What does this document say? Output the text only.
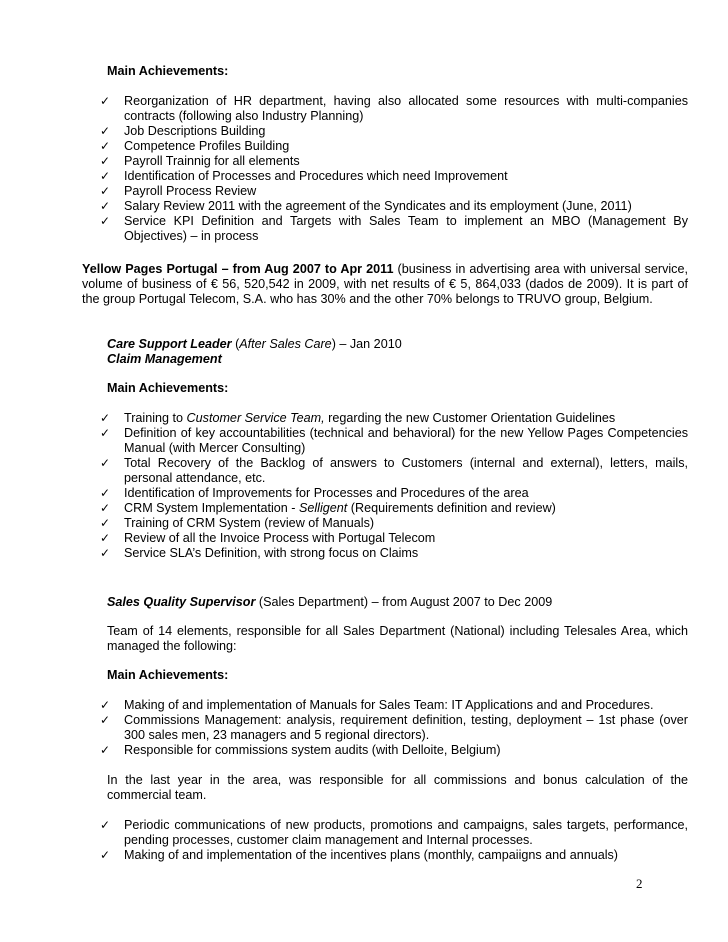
Main Achievements:
✓	Reorganization of HR department, having also allocated some resources with multi-companies contracts (following also Industry Planning)
✓	Job Descriptions Building
✓	Competence Profiles Building
✓	Payroll Trainnig for all elements
✓	Identification of Processes and Procedures which need Improvement
✓	Payroll Process Review
✓	Salary Review 2011 with the agreement of the Syndicates and its employment (June, 2011)
✓	Service KPI Definition and Targets with Sales Team to implement an MBO (Management By Objectives) – in process
Yellow Pages Portugal – from Aug 2007 to Apr 2011 (business in advertising area with universal service, volume of business of € 56, 520,542 in 2009, with net results of € 5, 864,033 (dados de 2009). It is part of the group Portugal Telecom, S.A. who has 30% and the other 70% belongs to TRUVO group, Belgium.
Care Support Leader (After Sales Care) – Jan 2010
Claim Management
Main Achievements:
✓	Training to Customer Service Team, regarding the new Customer Orientation Guidelines
✓	Definition of key accountabilities (technical and behavioral) for the new Yellow Pages Competencies Manual (with Mercer Consulting)
✓	Total Recovery of the Backlog of answers to Customers (internal and external), letters, mails, personal attendance, etc.
✓	Identification of Improvements for Processes and Procedures of the area
✓	CRM System Implementation - Selligent (Requirements definition and review)
✓	Training of CRM System (review of Manuals)
✓	Review of all the Invoice Process with Portugal Telecom
✓	Service SLA’s Definition, with strong focus on Claims
Sales Quality Supervisor (Sales Department) – from August 2007 to Dec 2009
Team of 14 elements, responsible for all Sales Department (National) including Telesales Area, which managed the following:
Main Achievements:
✓	Making of and implementation of Manuals for Sales Team: IT Applications and and Procedures.
✓	Commissions Management: analysis, requirement definition, testing, deployment – 1st phase (over 300 sales men, 23 managers and 5 regional directors).
✓	Responsible for commissions system audits (with Delloite, Belgium)
In the last year in the area, was responsible for all commissions and bonus calculation of the commercial team.
✓	Periodic communications of new products, promotions and campaigns, sales targets, performance, pending processes, customer claim management and Internal processes.
✓	Making of and implementation of the incentives plans (monthly, campaiigns and annuals)
2
